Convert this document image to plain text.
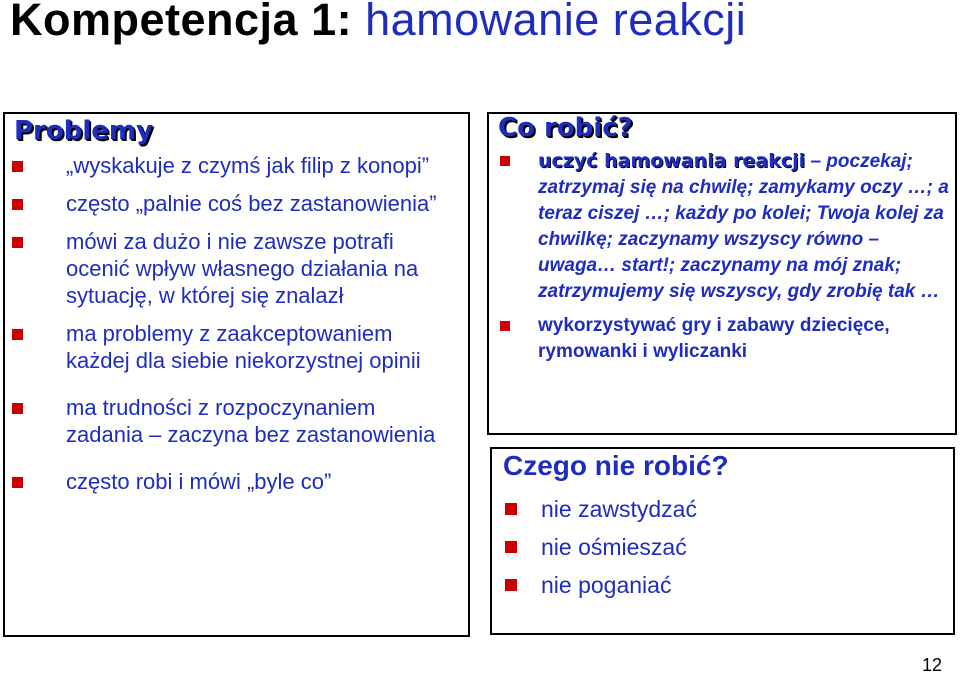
Kompetencja 1: hamowanie reakcji
Problemy
„wyskakuje z czymś jak filip z konopi”
często „palnie coś bez zastanowienia”
mówi za dużo i nie zawsze potrafi ocenić wpływ własnego działania na sytuację, w której się znalazł
ma problemy z zaakceptowaniem każdej dla siebie niekorzystnej opinii
ma trudności z rozpoczynaniem zadania – zaczyna bez zastanowienia
często robi i mówi „byle co”
Co robić?
uczyć hamowania reakcji – poczekaj; zatrzymaj się na chwilę; zamykamy oczy …; a teraz ciszej …; każdy po kolei; Twoja kolej za chwilkę; zaczynamy wszyscy równo – uwaga… start!; zaczynamy na mój znak; zatrzymujemy się wszyscy, gdy zrobię tak …
wykorzystywać gry i zabawy dziecięce, rymowanki i wyliczanki
Czego nie robić?
nie zawstydzać
nie ośmieszać
nie poganiać
12
